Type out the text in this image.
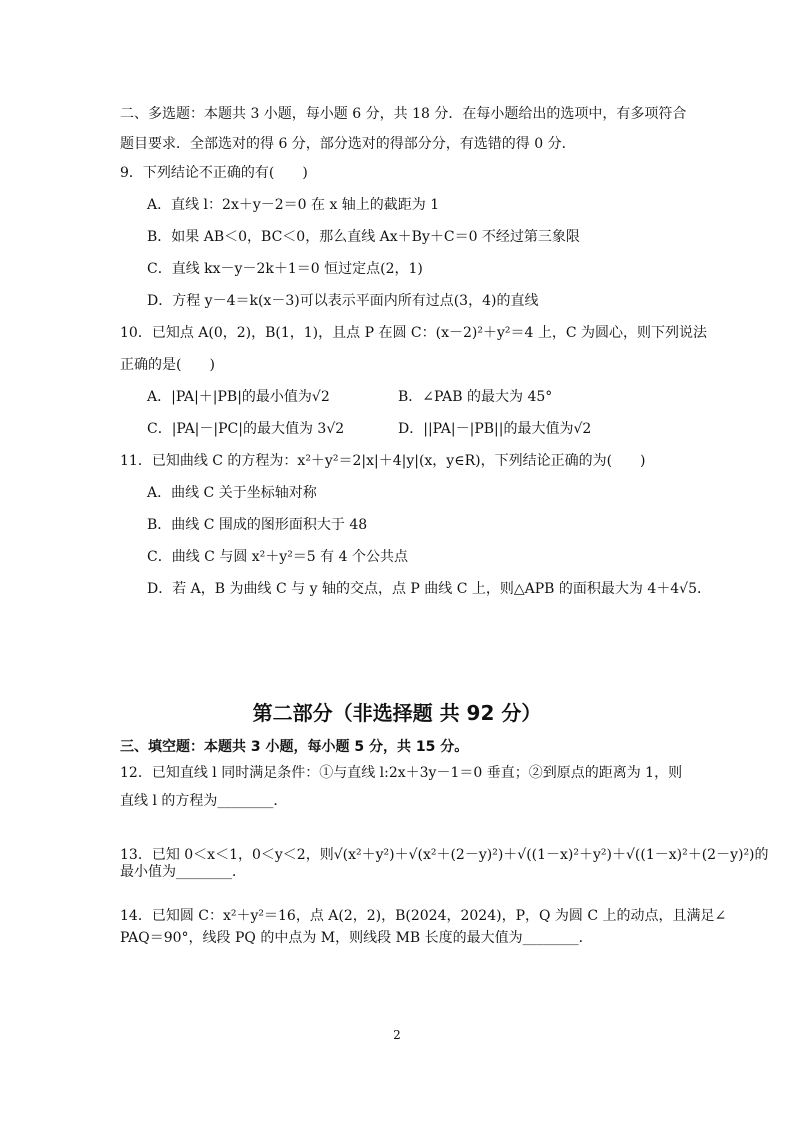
二、多选题：本题共 3 小题，每小题 6 分，共 18 分．在每小题给出的选项中，有多项符合
题目要求．全部选对的得 6 分，部分选对的得部分分，有选错的得 0 分．
9．下列结论不正确的有(　　)
A．直线 l：2x＋y－2＝0 在 x 轴上的截距为 1
B．如果 AB＜0，BC＜0，那么直线 Ax＋By＋C＝0 不经过第三象限
C．直线 kx－y－2k＋1＝0 恒过定点(2，1)
D．方程 y－4＝k(x－3)可以表示平面内所有过点(3，4)的直线
10．已知点 A(0，2)，B(1，1)，且点 P 在圆 C：(x－2)²＋y²＝4 上，C 为圆心，则下列说法
正确的是(　　)
A．|PA|＋|PB|的最小值为√2	B．∠PAB 的最大为 45°
C．|PA|－|PC|的最大值为 3√2	D．||PA|－|PB||的最大值为√2
11．已知曲线 C 的方程为：x²＋y²＝2|x|＋4|y|(x，y∈R)，下列结论正确的为(　　)
A．曲线 C 关于坐标轴对称
B．曲线 C 围成的图形面积大于 48
C．曲线 C 与圆 x²＋y²＝5 有 4 个公共点
D．若 A，B 为曲线 C 与 y 轴的交点，点 P 曲线 C 上，则△APB 的面积最大为 4＋4√5．
第二部分（非选择题 共 92 分）
三、填空题：本题共 3 小题，每小题 5 分，共 15 分。
12．已知直线 l 同时满足条件：①与直线 l:2x＋3y－1＝0 垂直；②到原点的距离为 1，则
直线 l 的方程为________．
13．已知 0＜x＜1，0＜y＜2，则√(x²＋y²)＋√(x²＋(2－y)²)＋√((1－x)²＋y²)＋√((1－x)²＋(2－y)²)的
最小值为________．
14．已知圆 C：x²＋y²＝16，点 A(2，2)，B(2024，2024)，P，Q 为圆 C 上的动点，且满足∠
PAQ＝90°，线段 PQ 的中点为 M，则线段 MB 长度的最大值为________．
2
